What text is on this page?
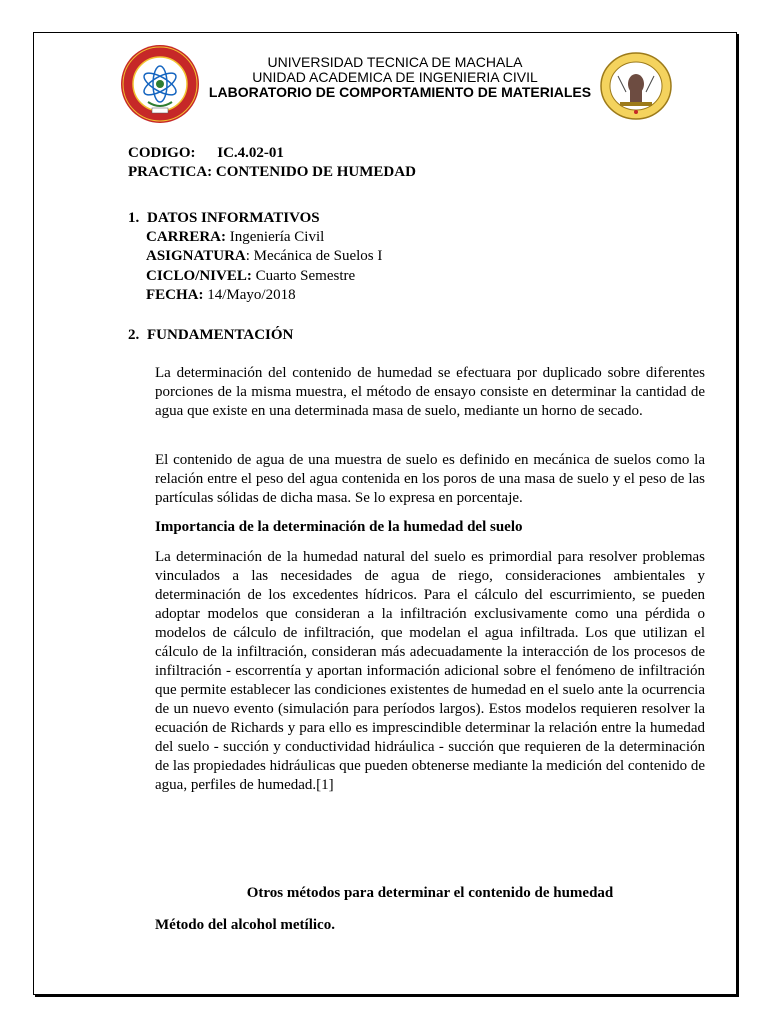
UNIVERSIDAD TECNICA DE MACHALA
UNIDAD ACADEMICA DE INGENIERIA CIVIL
LABORATORIO DE COMPORTAMIENTO DE MATERIALES
CODIGO: IC.4.02-01
PRACTICA: CONTENIDO DE HUMEDAD
1. DATOS INFORMATIVOS
CARRERA: Ingeniería Civil
ASIGNATURA: Mecánica de Suelos I
CICLO/NIVEL: Cuarto Semestre
FECHA: 14/Mayo/2018
2. FUNDAMENTACIÓN

La determinación del contenido de humedad se efectuara por duplicado sobre diferentes porciones de la misma muestra, el método de ensayo consiste en determinar la cantidad de agua que existe en una determinada masa de suelo, mediante un horno de secado.

El contenido de agua de una muestra de suelo es definido en mecánica de suelos como la relación entre el peso del agua contenida en los poros de una masa de suelo y el peso de las partículas sólidas de dicha masa. Se lo expresa en porcentaje.

Importancia de la determinación de la humedad del suelo

La determinación de la humedad natural del suelo es primordial para resolver problemas vinculados a las necesidades de agua de riego, consideraciones ambientales y determinación de los excedentes hídricos. Para el cálculo del escurrimiento, se pueden adoptar modelos que consideran a la infiltración exclusivamente como una pérdida o modelos de cálculo de infiltración, que modelan el agua infiltrada. Los que utilizan el cálculo de la infiltración, consideran más adecuadamente la interacción de los procesos de infiltración - escorrentía y aportan información adicional sobre el fenómeno de infiltración que permite establecer las condiciones existentes de humedad en el suelo ante la ocurrencia de un nuevo evento (simulación para períodos largos). Estos modelos requieren resolver la ecuación de Richards y para ello es imprescindible determinar la relación entre la humedad del suelo - succión y conductividad hidráulica - succión que requieren de la determinación de las propiedades hidráulicas que pueden obtenerse mediante la medición del contenido de agua, perfiles de humedad.[1]

Otros métodos para determinar el contenido de humedad
Método del alcohol metílico.
